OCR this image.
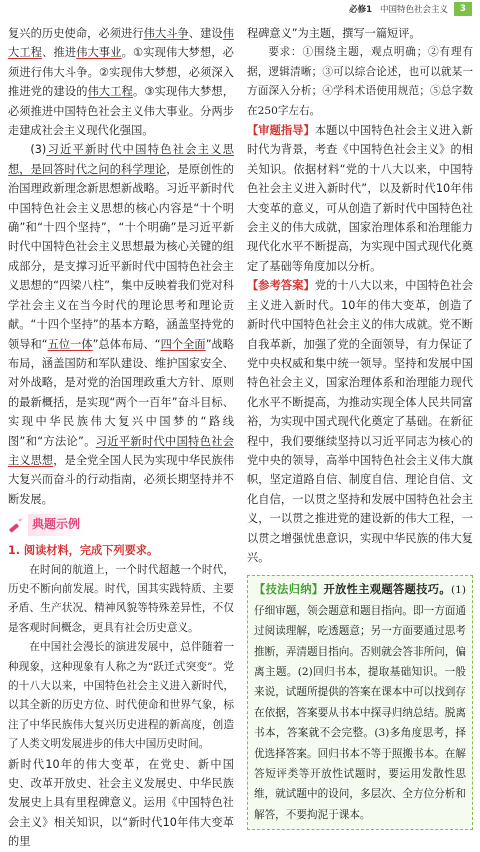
必修1 中国特色社会主义	3

复兴的历史使命，必须进行伟大斗争、建设伟大工程、推进伟大事业。①实现伟大梦想，必须进行伟大斗争。②实现伟大梦想，必须深入推进党的建设的伟大工程。③实现伟大梦想，必须推进中国特色社会主义伟大事业。分两步走建成社会主义现代化强国。

(3)习近平新时代中国特色社会主义思想，是回答时代之问的科学理论，是原创性的治国理政新理念新思想新战略。习近平新时代中国特色社会主义思想的核心内容是“十个明确”和“十四个坚持”，“十个明确”是习近平新时代中国特色社会主义思想最为核心关键的组成部分，是支撑习近平新时代中国特色社会主义思想的“四梁八柱”，集中反映着我们党对科学社会主义在当今时代的理论思考和理论贡献。“十四个坚持”的基本方略，涵盖坚持党的领导和“五位一体”总体布局、“四个全面”战略布局，涵盖国防和军队建设、维护国家安全、对外战略，是对党的治国理政重大方针、原则的最新概括，是实现“两个一百年”奋斗目标、实现中华民族伟大复兴中国梦的“路线图”和“方法论”。习近平新时代中国特色社会主义思想，是全党全国人民为实现中华民族伟大复兴而奋斗的行动指南，必须长期坚持并不断发展。

典题示例

1. 阅读材料，完成下列要求。

在时间的航道上，一个时代超越一个时代，历史不断向前发展。时代，国其实践特质、主要矛盾、生产状况、精神风貌等特殊差异性，不仅是客观时间概念，更具有社会历史意义。

在中国社会漫长的演进发展中，总伴随着一种现象，这种现象有人称之为“跃迁式突变”。党的十八大以来，中国特色社会主义进入新时代，以其全新的历史方位、时代使命和世界气象，标注了中华民族伟大复兴历史进程的新高度，创造了人类文明发展进步的伟大中国历史时间。

新时代10年的伟大变革，在党史、新中国史、改革开放史、社会主义发展史、中华民族发展史上具有里程碑意义。运用《中国特色社会主义》相关知识，以“新时代10年伟大变革的里

程碑意义”为主题，撰写一篇短评。

要求：①围绕主题，观点明确；②有理有据，逻辑清晰；③可以综合论述，也可以就某一方面深入分析；④学科术语使用规范；⑤总字数在250字左右。

【审题指导】本题以中国特色社会主义进入新时代为背景，考查《中国特色社会主义》的相关知识。依据材料“党的十八大以来，中国特色社会主义进入新时代”，以及新时代10年伟大变革的意义，可从创造了新时代中国特色社会主义的伟大成就，国家治理体系和治理能力现代化水平不断提高，为实现中国式现代化奠定了基础等角度加以分析。

【参考答案】党的十八大以来，中国特色社会主义进入新时代。10年的伟大变革，创造了新时代中国特色社会主义的伟大成就。党不断自我革新，加强了党的全面领导，有力保证了党中央权威和集中统一领导。坚持和发展中国特色社会主义，国家治理体系和治理能力现代化水平不断提高，为推动实现全体人民共同富裕，为实现中国式现代化奠定了基础。在新征程中，我们要继续坚持以习近平同志为核心的党中央的领导，高举中国特色社会主义伟大旗帜，坚定道路自信、制度自信、理论自信、文化自信，一以贯之坚持和发展中国特色社会主义，一以贯之推进党的建设新的伟大工程，一以贯之增强忧患意识，实现中华民族的伟大复兴。

【技法归纳】开放性主观题答题技巧。(1)仔细审题，领会题意和题目指向。即一方面通过阅读理解，吃透题意；另一方面要通过思考推断，弄清题目指向。否则就会答非所问，偏离主题。(2)回归书本，提取基础知识。一般来说，试题所提供的答案在课本中可以找到存在依据，答案要从书本中探寻归纳总结。脱离书本，答案就不会完整。(3)多角度思考，择优选择答案。回归书本不等于照搬书本。在解答短评类等开放性试题时，要运用发散性思维，就试题中的设问，多层次、全方位分析和解答，不要拘泥于课本。
